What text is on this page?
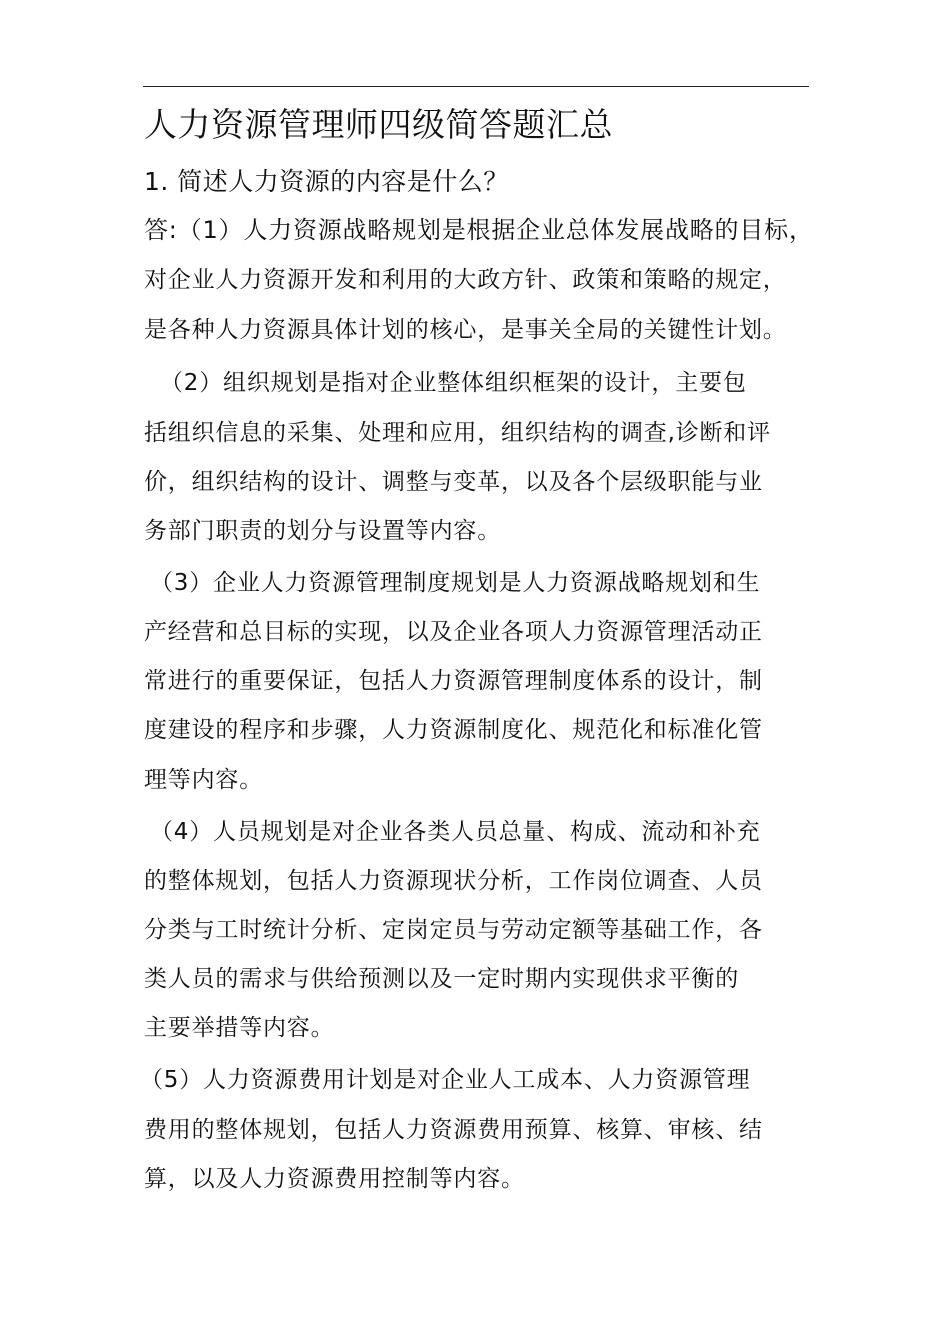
人力资源管理师四级简答题汇总
1. 简述人力资源的内容是什么？
答:（1）人力资源战略规划是根据企业总体发展战略的目标，
对企业人力资源开发和利用的大政方针、政策和策略的规定，
是各种人力资源具体计划的核心，是事关全局的关键性计划。
（2）组织规划是指对企业整体组织框架的设计，主要包
括组织信息的采集、处理和应用，组织结构的调查,诊断和评
价，组织结构的设计、调整与变革，以及各个层级职能与业
务部门职责的划分与设置等内容。
（3）企业人力资源管理制度规划是人力资源战略规划和生
产经营和总目标的实现，以及企业各项人力资源管理活动正
常进行的重要保证，包括人力资源管理制度体系的设计，制
度建设的程序和步骤，人力资源制度化、规范化和标准化管
理等内容。
（4）人员规划是对企业各类人员总量、构成、流动和补充
的整体规划，包括人力资源现状分析，工作岗位调查、人员
分类与工时统计分析、定岗定员与劳动定额等基础工作，各
类人员的需求与供给预测以及一定时期内实现供求平衡的
主要举措等内容。
（5）人力资源费用计划是对企业人工成本、人力资源管理
费用的整体规划，包括人力资源费用预算、核算、审核、结
算，以及人力资源费用控制等内容。
